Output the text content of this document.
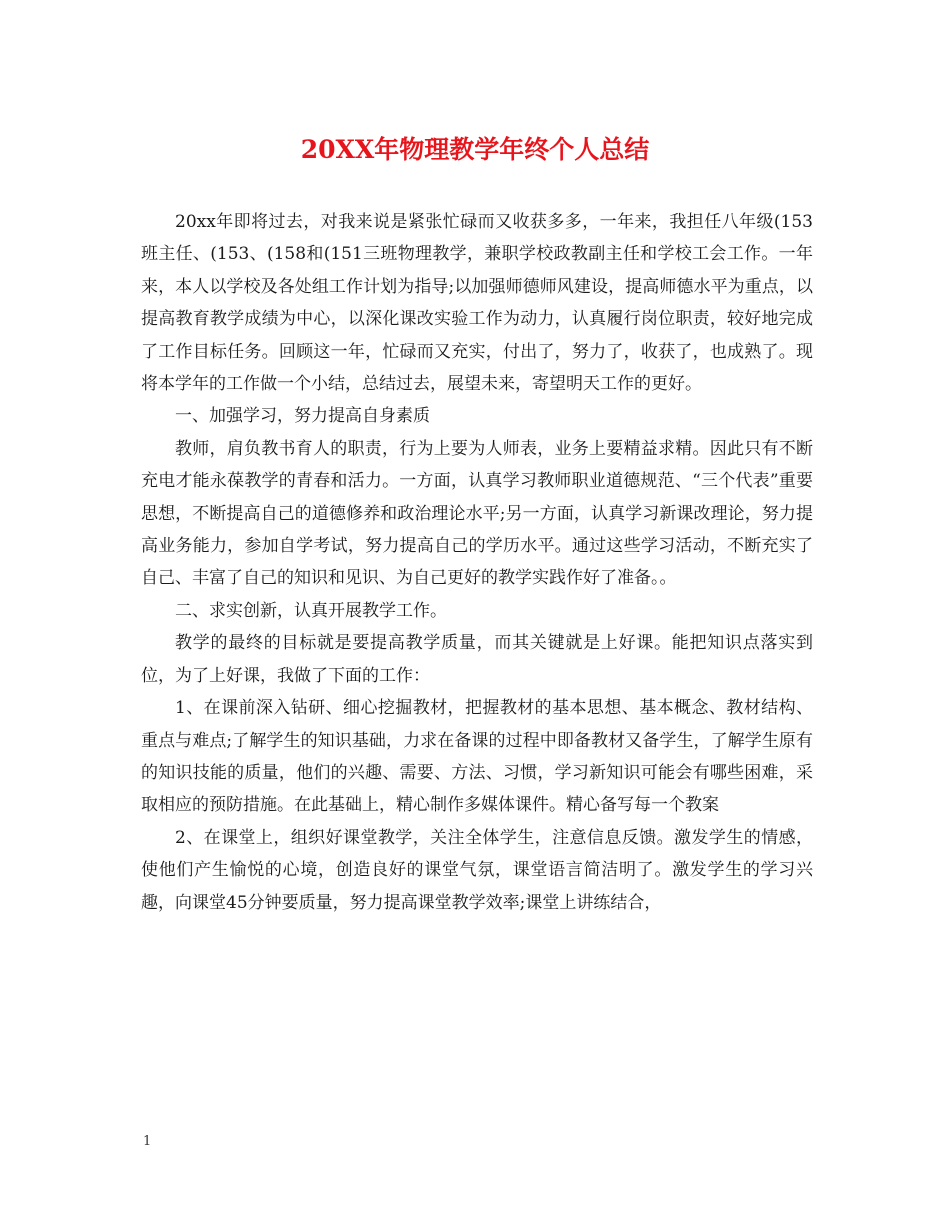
20XX年物理教学年终个人总结

20xx年即将过去，对我来说是紧张忙碌而又收获多多，一年来，我担任八年级(153班主任、(153、(158和(151三班物理教学，兼职学校政教副主任和学校工会工作。一年来，本人以学校及各处组工作计划为指导;以加强师德师风建设，提高师德水平为重点，以提高教育教学成绩为中心，以深化课改实验工作为动力，认真履行岗位职责，较好地完成了工作目标任务。回顾这一年，忙碌而又充实，付出了，努力了，收获了，也成熟了。现将本学年的工作做一个小结，总结过去，展望未来，寄望明天工作的更好。

一、加强学习，努力提高自身素质

教师，肩负教书育人的职责，行为上要为人师表，业务上要精益求精。因此只有不断充电才能永葆教学的青春和活力。一方面，认真学习教师职业道德规范、“三个代表”重要思想，不断提高自己的道德修养和政治理论水平;另一方面，认真学习新课改理论，努力提高业务能力，参加自学考试，努力提高自己的学历水平。通过这些学习活动，不断充实了自己、丰富了自己的知识和见识、为自己更好的教学实践作好了准备。。

二、求实创新，认真开展教学工作。

教学的最终的目标就是要提高教学质量，而其关键就是上好课。能把知识点落实到位，为了上好课，我做了下面的工作：

1、在课前深入钻研、细心挖掘教材，把握教材的基本思想、基本概念、教材结构、重点与难点;了解学生的知识基础，力求在备课的过程中即备教材又备学生，了解学生原有的知识技能的质量，他们的兴趣、需要、方法、习惯，学习新知识可能会有哪些困难，采取相应的预防措施。在此基础上，精心制作多媒体课件。精心备写每一个教案

2、在课堂上，组织好课堂教学，关注全体学生，注意信息反馈。激发学生的情感，使他们产生愉悦的心境，创造良好的课堂气氛，课堂语言简洁明了。激发学生的学习兴趣，向课堂45分钟要质量，努力提高课堂教学效率;课堂上讲练结合，

1
